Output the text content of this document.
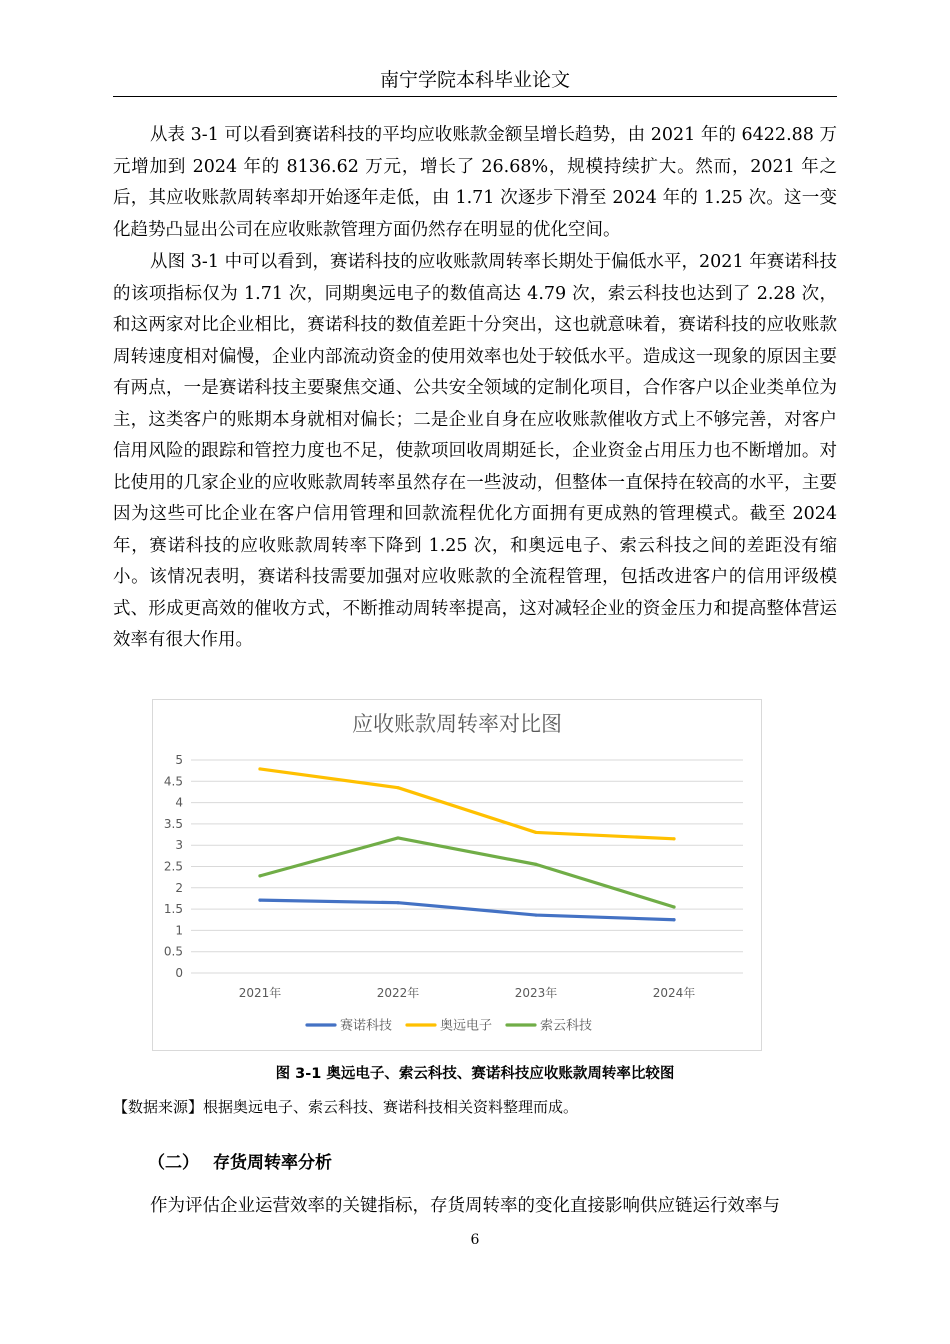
南宁学院本科毕业论文

从表 3-1 可以看到赛诺科技的平均应收账款金额呈增长趋势，由 2021 年的 6422.88 万元增加到 2024 年的 8136.62 万元，增长了 26.68%，规模持续扩大。然而，2021 年之后，其应收账款周转率却开始逐年走低，由 1.71 次逐步下滑至 2024 年的 1.25 次。这一变化趋势凸显出公司在应收账款管理方面仍然存在明显的优化空间。

从图 3-1 中可以看到，赛诺科技的应收账款周转率长期处于偏低水平，2021 年赛诺科技的该项指标仅为 1.71 次，同期奥远电子的数值高达 4.79 次，索云科技也达到了 2.28 次，和这两家对比企业相比，赛诺科技的数值差距十分突出，这也就意味着，赛诺科技的应收账款周转速度相对偏慢，企业内部流动资金的使用效率也处于较低水平。造成这一现象的原因主要有两点，一是赛诺科技主要聚焦交通、公共安全领域的定制化项目，合作客户以企业类单位为主，这类客户的账期本身就相对偏长；二是企业自身在应收账款催收方式上不够完善，对客户信用风险的跟踪和管控力度也不足，使款项回收周期延长，企业资金占用压力也不断增加。对比使用的几家企业的应收账款周转率虽然存在一些波动，但整体一直保持在较高的水平，主要因为这些可比企业在客户信用管理和回款流程优化方面拥有更成熟的管理模式。截至 2024 年，赛诺科技的应收账款周转率下降到 1.25 次，和奥远电子、索云科技之间的差距没有缩小。该情况表明，赛诺科技需要加强对应收账款的全流程管理，包括改进客户的信用评级模式、形成更高效的催收方式，不断推动周转率提高，这对减轻企业的资金压力和提高整体营运效率有很大作用。

应收账款周转率对比图
0
0.5
1
1.5
2
2.5
3
3.5
4
4.5
5
2021年	2022年	2023年	2024年
赛诺科技	奥远电子	索云科技
图 3-1 奥远电子、索云科技、赛诺科技应收账款周转率比较图
【数据来源】根据奥远电子、索云科技、赛诺科技相关资料整理而成。
（二） 存货周转率分析

作为评估企业运营效率的关键指标，存货周转率的变化直接影响供应链运行效率与

6
